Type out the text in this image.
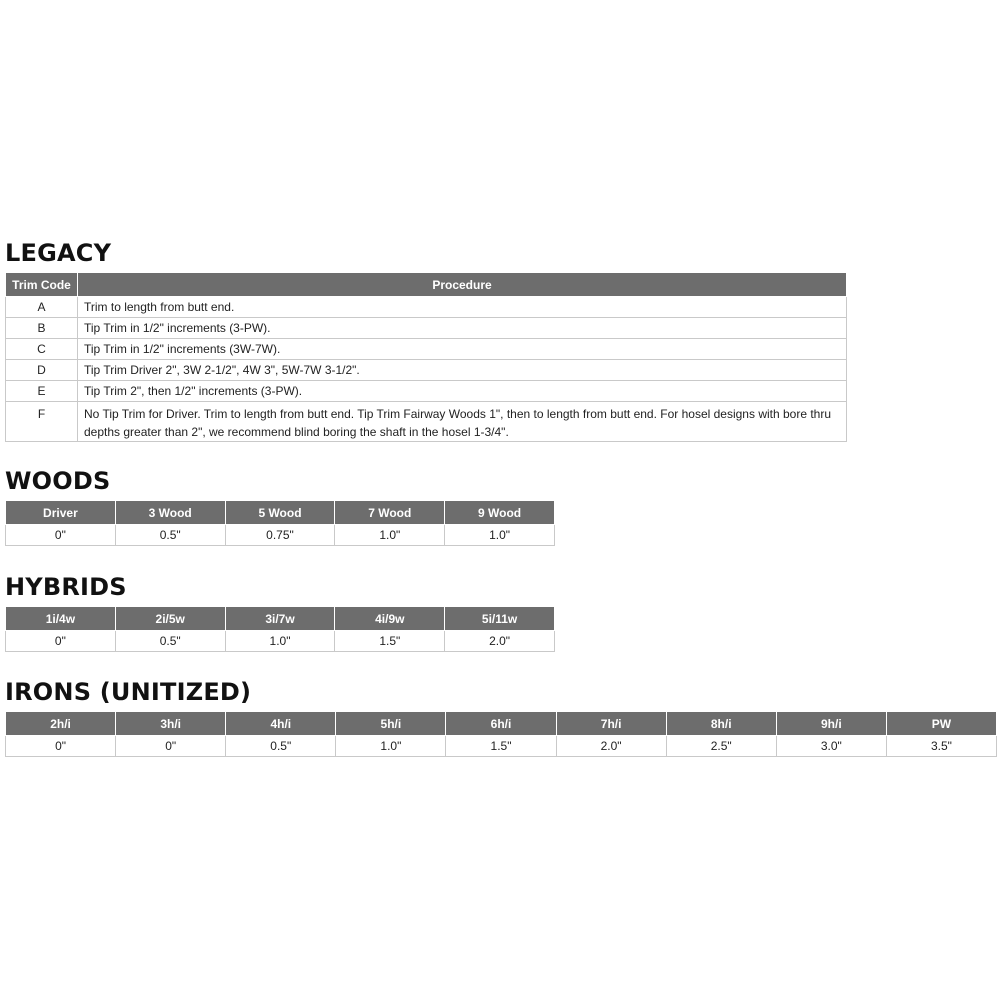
LEGACY
Trim Code	Procedure
A	Trim to length from butt end.
B	Tip Trim in 1/2" increments (3-PW).
C	Tip Trim in 1/2" increments (3W-7W).
D	Tip Trim Driver 2", 3W 2-1/2", 4W 3", 5W-7W 3-1/2".
E	Tip Trim 2", then 1/2" increments (3-PW).
F	No Tip Trim for Driver. Trim to length from butt end. Tip Trim Fairway Woods 1", then to length from butt end. For hosel designs with bore thru depths greater than 2", we recommend blind boring the shaft in the hosel 1-3/4".
WOODS
Driver	3 Wood	5 Wood	7 Wood	9 Wood
0"	0.5"	0.75"	1.0"	1.0"
HYBRIDS
1i/4w	2i/5w	3i/7w	4i/9w	5i/11w
0"	0.5"	1.0"	1.5"	2.0"
IRONS (UNITIZED)
2h/i	3h/i	4h/i	5h/i	6h/i	7h/i	8h/i	9h/i	PW
0"	0"	0.5"	1.0"	1.5"	2.0"	2.5"	3.0"	3.5"
